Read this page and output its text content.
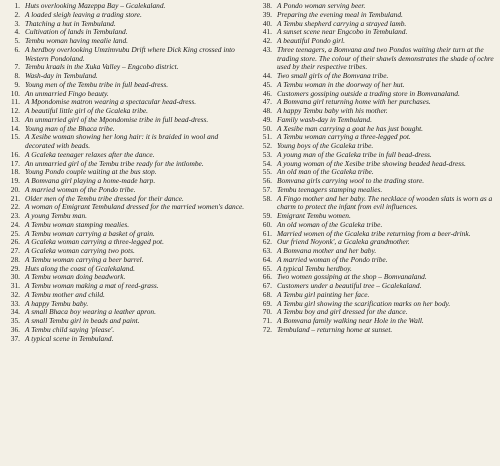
1. Huts overlooking Mazeppa Bay – Gcalekaland.
2. A loaded sleigh leaving a trading store.
3. Thatching a hut in Tembuland.
4. Cultivation of lands in Tembuland.
5. Tembu woman having mealie land.
6. A herdboy overlooking Umzimvubu Drift where Dick King crossed into Western Pondoland.
7. Tembu kraals in the Xuka Valley – Engcobo district.
8. Wash-day in Tembuland.
9. Young men of the Tembu tribe in full bead-dress.
10. An unmarried Fingo beauty.
11. A Mpondomise matron wearing a spectacular head-dress.
12. A beautiful little girl of the Gcaleka tribe.
13. An unmarried girl of the Mpondomise tribe in full bead-dress.
14. Young man of the Bhaca tribe.
15. A Xesibe woman showing her long hair: it is braided in wool and decorated with beads.
16. A Gcaleka teenager relaxes after the dance.
17. An unmarried girl of the Tembu tribe ready for the intlombe.
18. Young Pondo couple waiting at the bus stop.
19. A Bomvana girl playing a home-made harp.
20. A married woman of the Pondo tribe.
21. Older men of the Tembu tribe dressed for their dance.
22. A woman of Emigrant Tembuland dressed for the married women's dance.
23. A young Tembu man.
24. A Tembu woman stamping mealies.
25. A Tembu woman carrying a basket of grain.
26. A Gcaleka woman carrying a three-legged pot.
27. A Gcaleka woman carrying two pots.
28. A Tembu woman carrying a beer barrel.
29. Huts along the coast of Gcalekaland.
30. A Tembu woman doing beadwork.
31. A Tembu woman making a mat of reed-grass.
32. A Tembu mother and child.
33. A happy Tembu baby.
34. A small Bhaca boy wearing a leather apron.
35. A small Tembu girl in beads and paint.
36. A Tembu child saying 'please'.
37. A typical scene in Tembuland.
38. A Pondo woman serving beer.
39. Preparing the evening meal in Tembuland.
40. A Tembu shepherd carrying a strayed lamb.
41. A sunset scene near Engcobo in Tembuland.
42. A beautiful Pondo girl.
43. Three teenagers, a Bomvana and two Pondos waiting their turn at the trading store. The colour of their shawls demonstrates the shade of ochre used by their respective tribes.
44. Two small girls of the Bomvana tribe.
45. A Tembu woman in the doorway of her hut.
46. Customers gossiping outside a trading store in Bomvanaland.
47. A Bomvana girl returning home with her purchases.
48. A happy Tembu baby with his mother.
49. Family wash-day in Tembuland.
50. A Xesibe man carrying a goat he has just bought.
51. A Tembu woman carrying a three-legged pot.
52. Young boys of the Gcaleka tribe.
53. A young man of the Gcaleka tribe in full bead-dress.
54. A young woman of the Xesibe tribe showing beaded head-dress.
55. An old man of the Gcaleka tribe.
56. Bomvana girls carrying wool to the trading store.
57. Tembu teenagers stamping mealies.
58. A Fingo mother and her baby. The necklace of wooden slats is worn as a charm to protect the infant from evil influences.
59. Emigrant Tembu women.
60. An old woman of the Gcaleka tribe.
61. Married women of the Gcaleka tribe returning from a beer-drink.
62. Our friend Noyonk', a Gcaleka grandmother.
63. A Bomvana mother and her baby.
64. A married woman of the Pondo tribe.
65. A typical Tembu herdboy.
66. Two women gossiping at the shop – Bomvanaland.
67. Customers under a beautiful tree – Gcalekaland.
68. A Tembu girl painting her face.
69. A Tembu girl showing the scarification marks on her body.
70. A Tembu boy and girl dressed for the dance.
71. A Bomvana family walking near Hole in the Wall.
72. Tembuland – returning home at sunset.
